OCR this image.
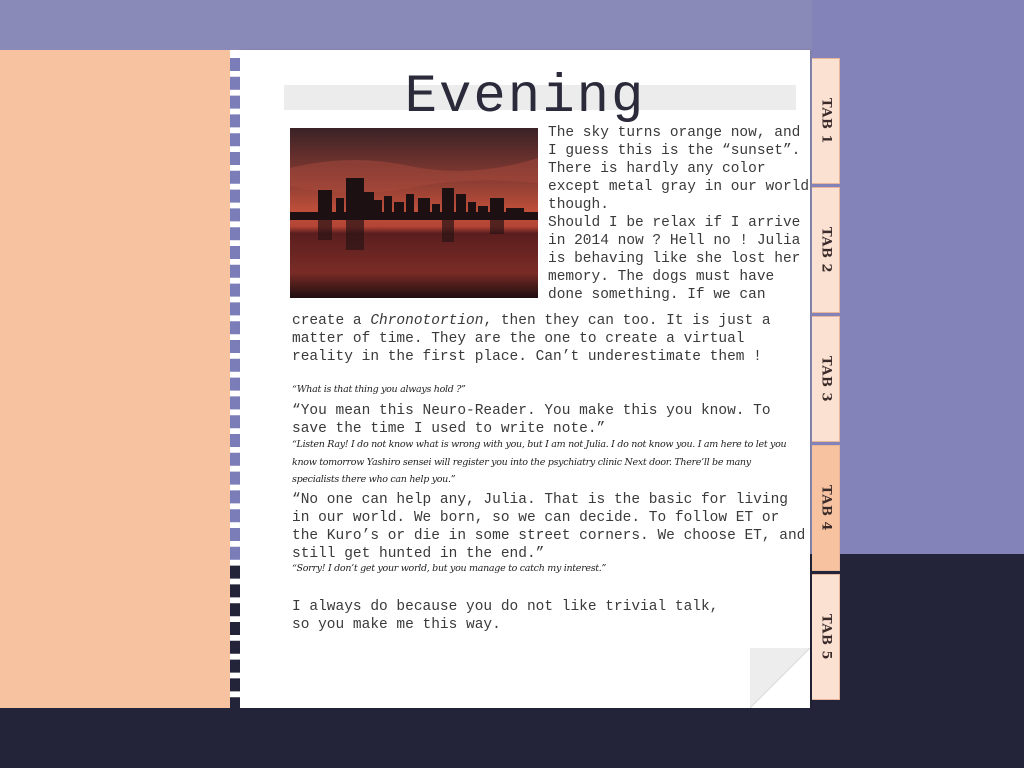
Evening

The sky turns orange now, and I guess this is the “sunset”. There is hardly any color except metal gray in our world though.
Should I be relax if I arrive in 2014 now ? Hell no ! Julia is behaving like she lost her memory. The dogs must have done something. If we can

create a Chronotortion, then they can too. It is just a matter of time. They are the one to create a virtual reality in the first place. Can’t underestimate them !

“What is that thing you always hold ?”

“You mean this Neuro-Reader. You make this you know. To save the time I used to write note.”

“Listen Ray! I do not know what is wrong with you, but I am not Julia. I do not know you. I am here to let you know tomorrow Yashiro sensei will register you into the psychiatry clinic Next door. There’ll be many specialists there who can help you.”

“No one can help any, Julia. That is the basic for living in our world. We born, so we can decide. To follow ET or the Kuro’s or die in some street corners. We choose ET, and still get hunted in the end.”

“Sorry! I don’t get your world, but you manage to catch my interest.”

I always do because you do not like trivial talk,
so you make me this way.

TAB 1
TAB 2
TAB 3
TAB 4
TAB 5
